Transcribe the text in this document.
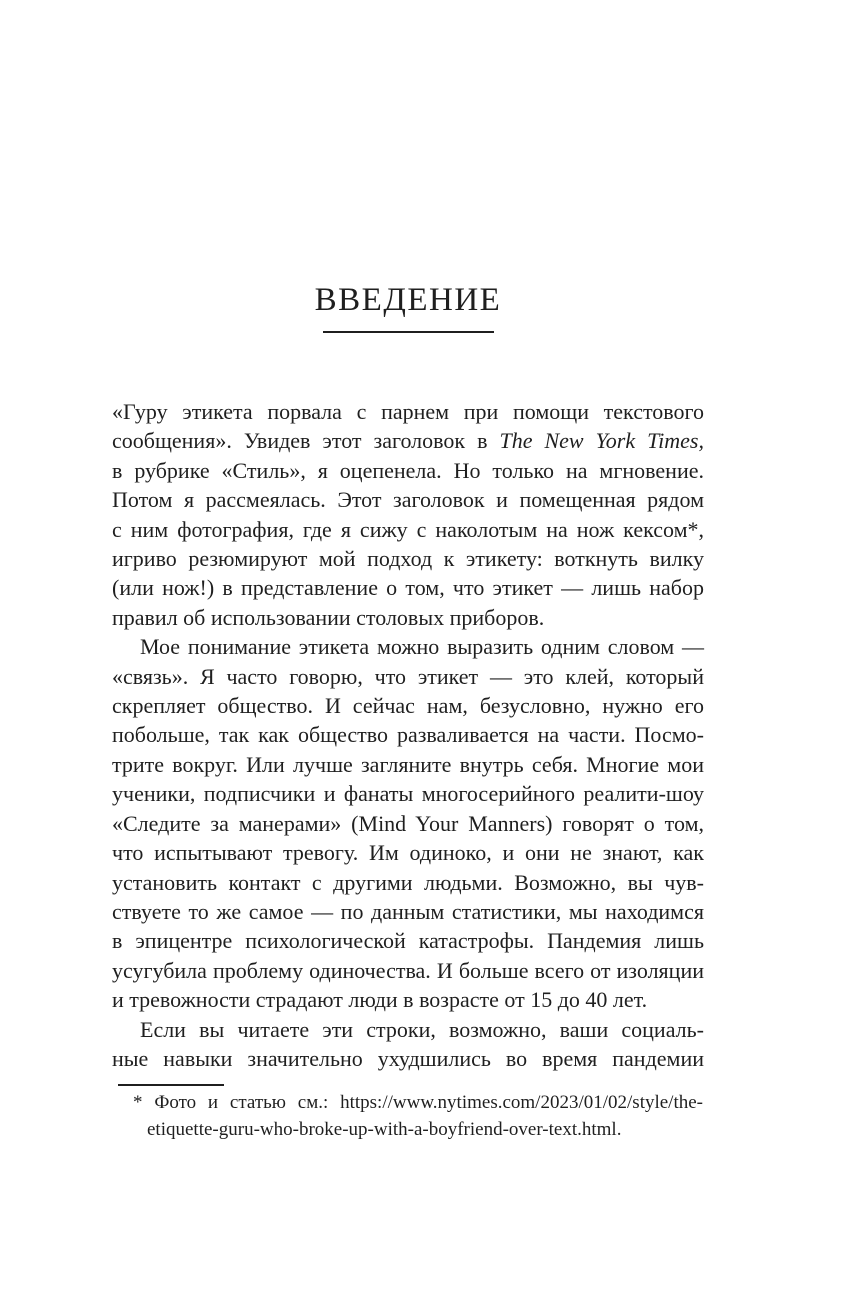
ВВЕДЕНИЕ
«Гуру этикета порвала с парнем при помощи текстового
сообщения». Увидев этот заголовок в The New York Times,
в рубрике «Стиль», я оцепенела. Но только на мгновение.
Потом я рассмеялась. Этот заголовок и помещенная рядом
с ним фотография, где я сижу с наколотым на нож кексом*,
игриво резюмируют мой подход к этикету: воткнуть вилку
(или нож!) в представление о том, что этикет — лишь набор
правил об использовании столовых приборов.
Мое понимание этикета можно выразить одним словом —
«связь». Я часто говорю, что этикет — это клей, который
скрепляет общество. И сейчас нам, безусловно, нужно его
побольше, так как общество разваливается на части. Посмо-
трите вокруг. Или лучше загляните внутрь себя. Многие мои
ученики, подписчики и фанаты многосерийного реалити-шоу
«Следите за манерами» (Mind Your Manners) говорят о том,
что испытывают тревогу. Им одиноко, и они не знают, как
установить контакт с другими людьми. Возможно, вы чув-
ствуете то же самое — по данным статистики, мы находимся
в эпицентре психологической катастрофы. Пандемия лишь
усугубила проблему одиночества. И больше всего от изоляции
и тревожности страдают люди в возрасте от 15 до 40 лет.
Если вы читаете эти строки, возможно, ваши социаль-
ные навыки значительно ухудшились во время пандемии
* Фото и статью см.: https://www.nytimes.com/2023/01/02/style/the-
etiquette-guru-who-broke-up-with-a-boyfriend-over-text.html.
